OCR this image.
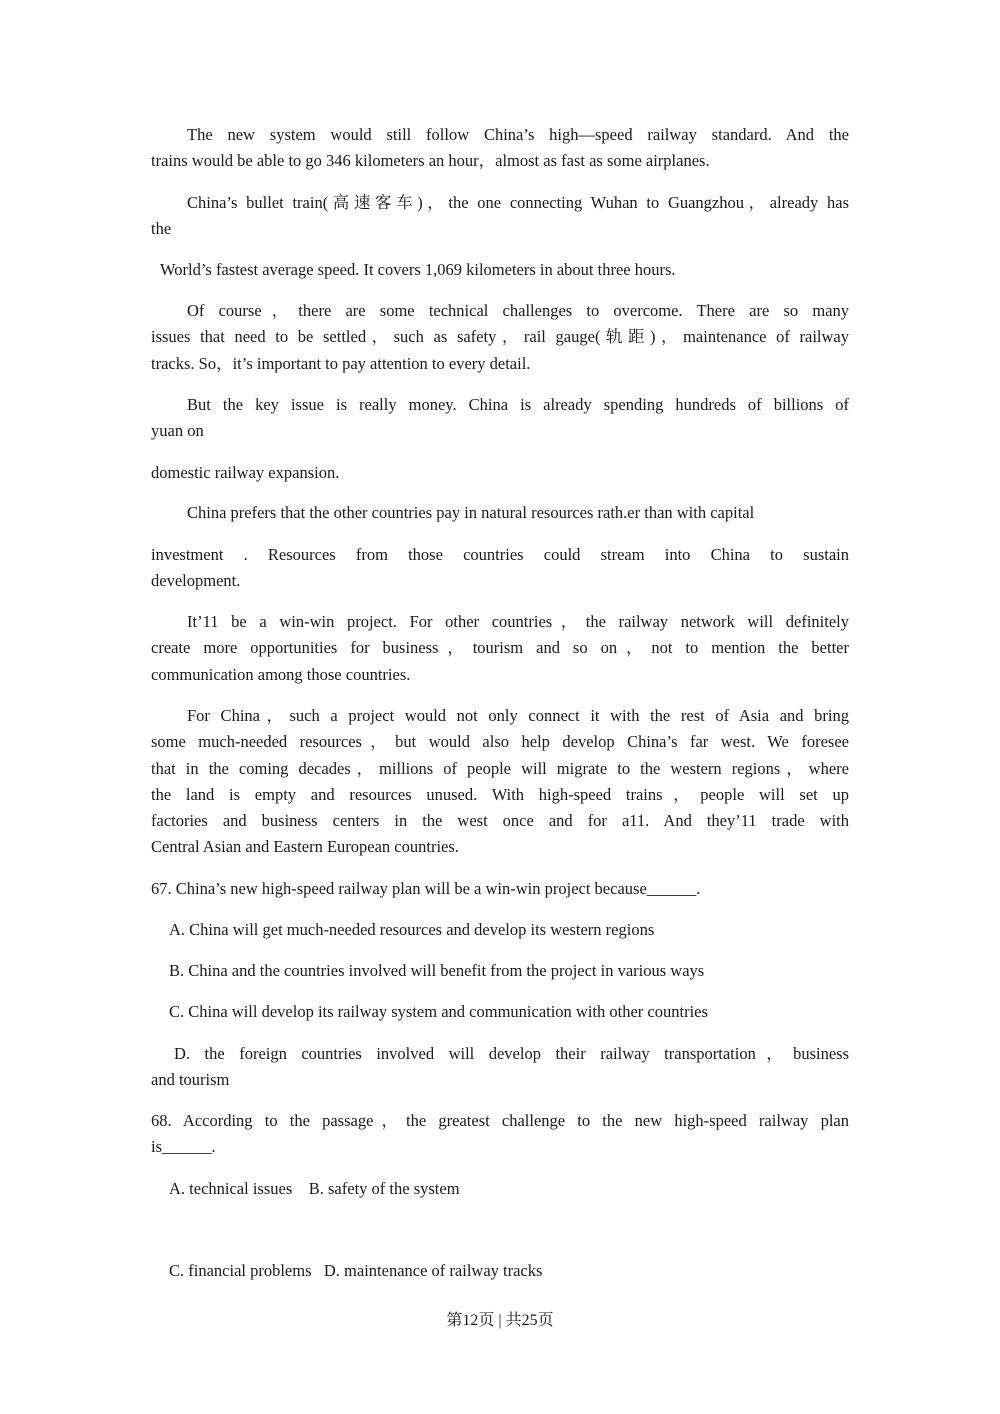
The new system would still follow China’s high—speed railway standard. And the
trains would be able to go 346 kilometers an hour，almost as fast as some airplanes.
China’s bullet train(高速客车)，the one connecting Wuhan to Guangzhou，already has
the
World’s fastest average speed. It covers 1,069 kilometers in about three hours.
Of course，there are some technical challenges to overcome. There are so many
issues that need to be settled，such as safety，rail gauge(轨距)，maintenance of railway
tracks. So，it’s important to pay attention to every detail.
But the key issue is really money. China is already spending hundreds of billions of
yuan on
domestic railway expansion.
China prefers that the other countries pay in natural resources rath.er than with capital
investment . Resources from those countries could stream into China to sustain
development.
It’11 be a win-win project. For other countries，the railway network will definitely
create more opportunities for business，tourism and so on，not to mention the better
communication among those countries.
For China，such a project would not only connect it with the rest of Asia and bring
some much-needed resources，but would also help develop China’s far west. We foresee
that in the coming decades，millions of people will migrate to the western regions，where
the land is empty and resources unused. With high-speed trains，people will set up
factories and business centers in the west once and for a11. And they’11 trade with
Central Asian and Eastern European countries.
67. China’s new high-speed railway plan will be a win-win project because______.
A. China will get much-needed resources and develop its western regions
B. China and the countries involved will benefit from the project in various ways
C. China will develop its railway system and communication with other countries
D. the foreign countries involved will develop their railway transportation，business
and tourism
68. According to the passage，the greatest challenge to the new high-speed railway plan
is______.
A. technical issues    B. safety of the system
C. financial problems   D. maintenance of railway tracks
第12页 | 共25页
